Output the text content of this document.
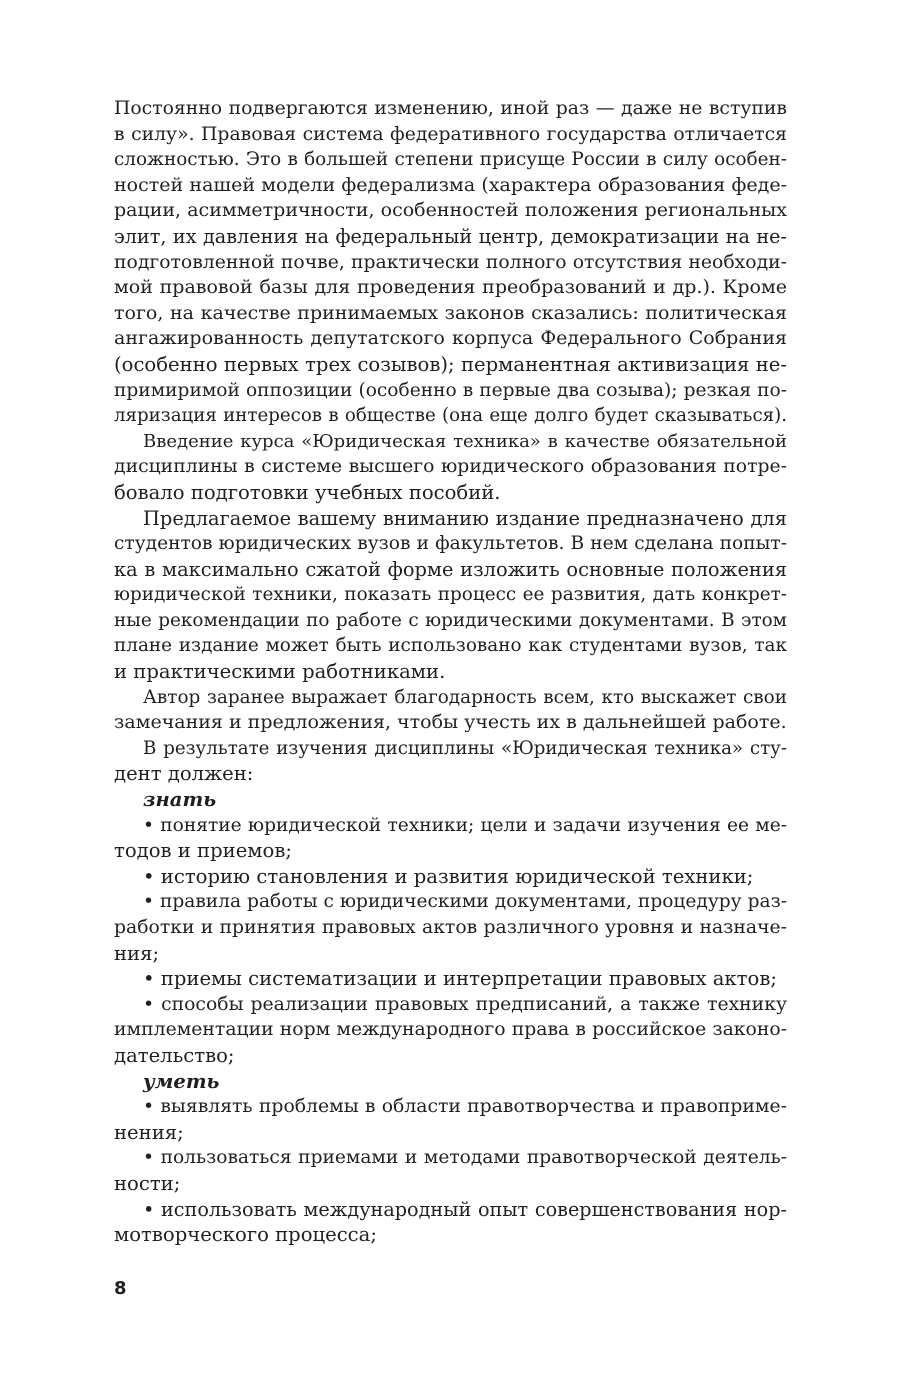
Постоянно подвергаются изменению, иной раз — даже не вступив
в силу». Правовая система федеративного государства отличается
сложностью. Это в большей степени присуще России в силу особен-
ностей нашей модели федерализма (характера образования феде-
рации, асимметричности, особенностей положения региональных
элит, их давления на федеральный центр, демократизации на не-
подготовленной почве, практически полного отсутствия необходи-
мой правовой базы для проведения преобразований и др.). Кроме
того, на качестве принимаемых законов сказались: политическая
ангажированность депутатского корпуса Федерального Собрания
(особенно первых трех созывов); перманентная активизация не-
примиримой оппозиции (особенно в первые два созыва); резкая по-
ляризация интересов в обществе (она еще долго будет сказываться).
Введение курса «Юридическая техника» в качестве обязательной
дисциплины в системе высшего юридического образования потре-
бовало подготовки учебных пособий.
Предлагаемое вашему вниманию издание предназначено для
студентов юридических вузов и факультетов. В нем сделана попыт-
ка в максимально сжатой форме изложить основные положения
юридической техники, показать процесс ее развития, дать конкрет-
ные рекомендации по работе с юридическими документами. В этом
плане издание может быть использовано как студентами вузов, так
и практическими работниками.
Автор заранее выражает благодарность всем, кто выскажет свои
замечания и предложения, чтобы учесть их в дальнейшей работе.
В результате изучения дисциплины «Юридическая техника» сту-
дент должен:
знать
• понятие юридической техники; цели и задачи изучения ее ме-
тодов и приемов;
• историю становления и развития юридической техники;
• правила работы с юридическими документами, процедуру раз-
работки и принятия правовых актов различного уровня и назначе-
ния;
• приемы систематизации и интерпретации правовых актов;
• способы реализации правовых предписаний, а также технику
имплементации норм международного права в российское законо-
дательство;
уметь
• выявлять проблемы в области правотворчества и правоприме-
нения;
• пользоваться приемами и методами правотворческой деятель-
ности;
• использовать международный опыт совершенствования нор-
мотворческого процесса;
8
